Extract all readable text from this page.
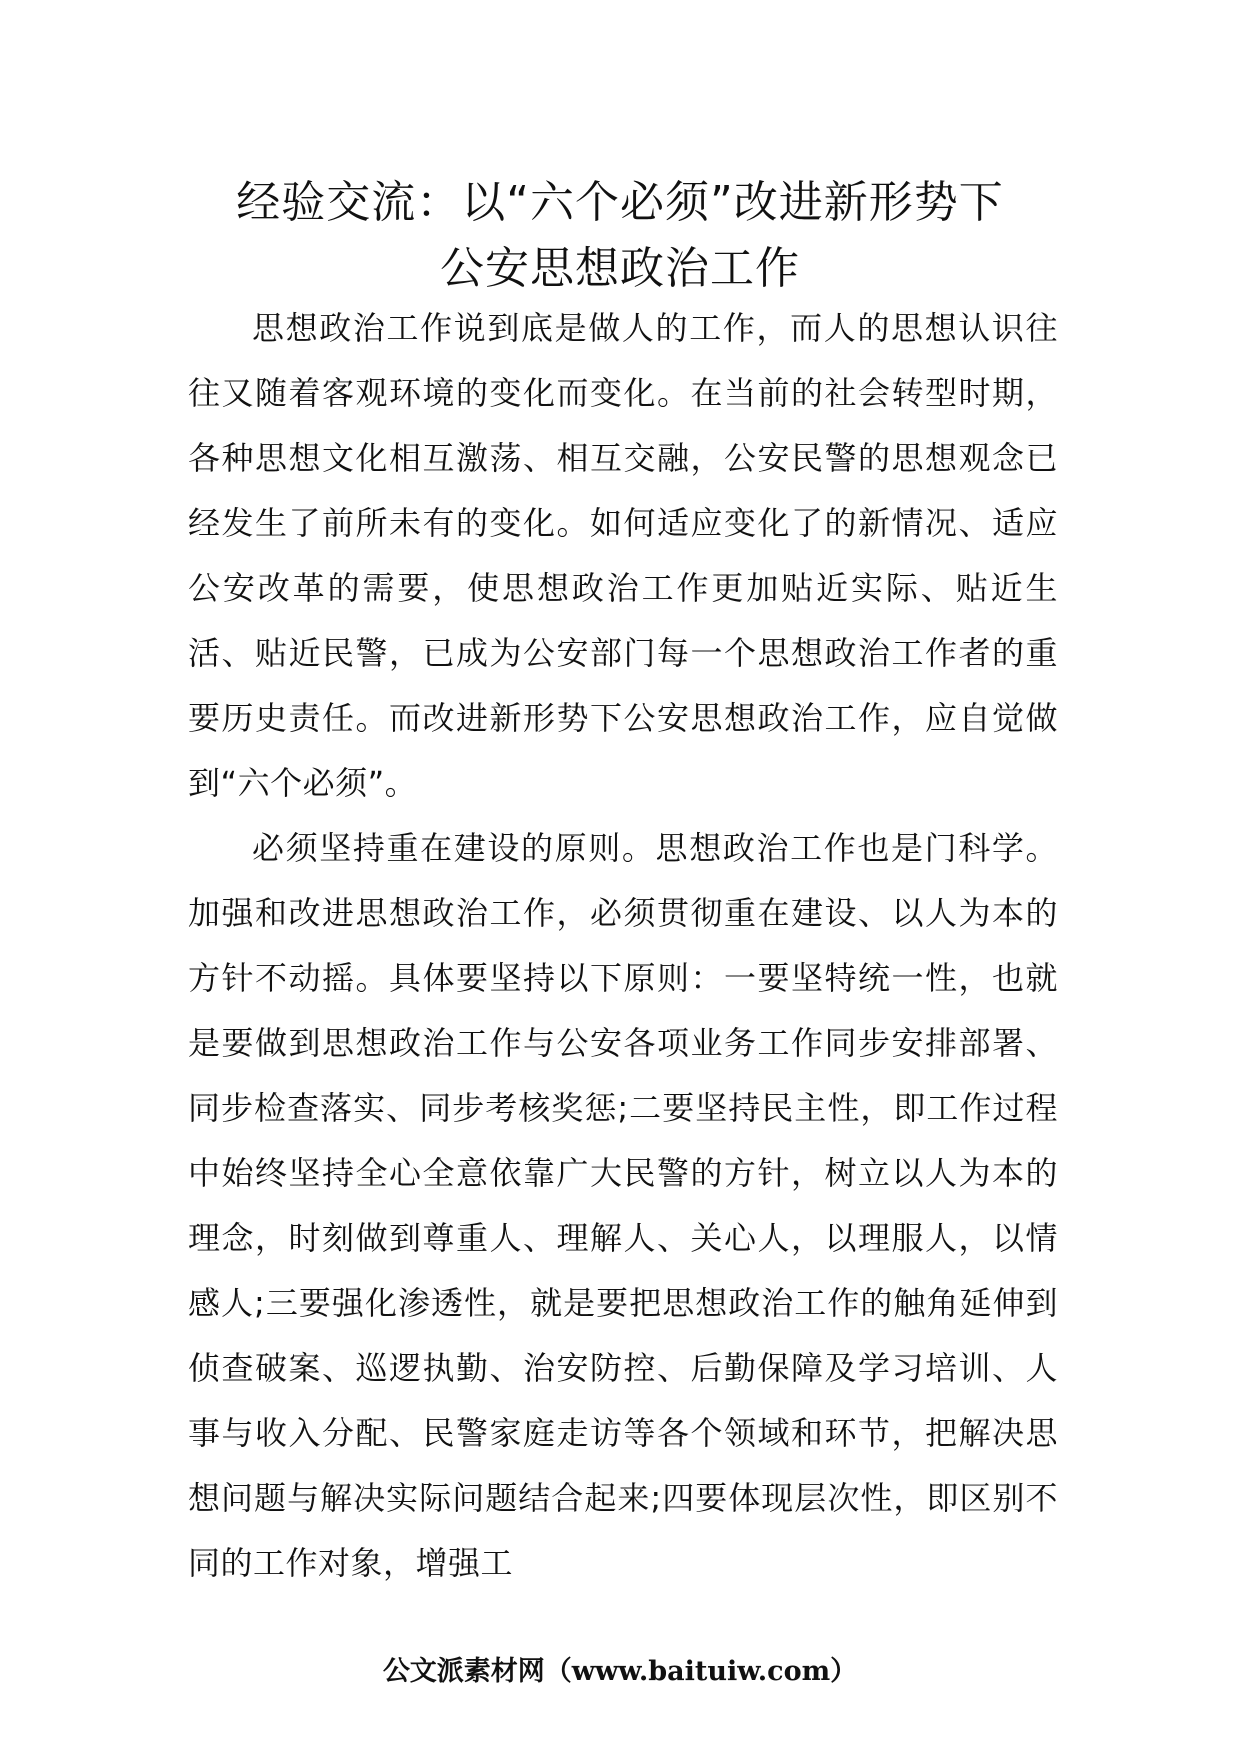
经验交流：以“六个必须”改进新形势下
公安思想政治工作

思想政治工作说到底是做人的工作，而人的思想认识往往又随着客观环境的变化而变化。在当前的社会转型时期，各种思想文化相互激荡、相互交融，公安民警的思想观念已经发生了前所未有的变化。如何适应变化了的新情况、适应公安改革的需要，使思想政治工作更加贴近实际、贴近生活、贴近民警，已成为公安部门每一个思想政治工作者的重要历史责任。而改进新形势下公安思想政治工作，应自觉做到“六个必须”。

必须坚持重在建设的原则。思想政治工作也是门科学。加强和改进思想政治工作，必须贯彻重在建设、以人为本的方针不动摇。具体要坚持以下原则：一要坚特统一性，也就是要做到思想政治工作与公安各项业务工作同步安排部署、同步检查落实、同步考核奖惩;二要坚持民主性，即工作过程中始终坚持全心全意依靠广大民警的方针，树立以人为本的理念，时刻做到尊重人、理解人、关心人，以理服人，以情感人;三要强化渗透性，就是要把思想政治工作的触角延伸到侦查破案、巡逻执勤、治安防控、后勤保障及学习培训、人事与收入分配、民警家庭走访等各个领域和环节，把解决思想问题与解决实际问题结合起来;四要体现层次性，即区别不同的工作对象，增强工

公文派素材网（www.baituiw.com）
